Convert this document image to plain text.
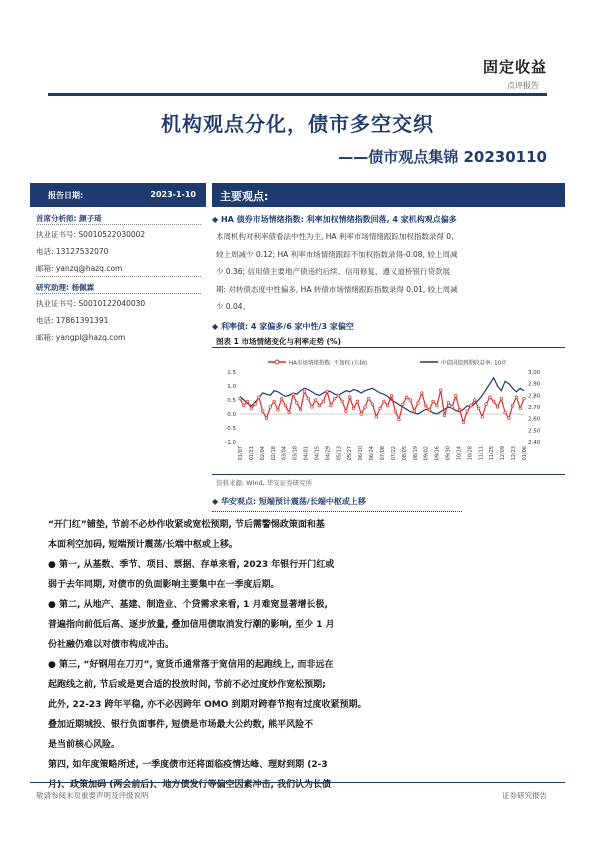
固定收益
点评报告
机构观点分化，债市多空交织
——债市观点集锦 20230110
报告日期:	2023-1-10
首席分析师: 颜子琦
执业证书号: S0010522030002
电话: 13127532070
邮箱: yanzq@hazq.com
研究助理: 杨佩霖
执业证书号: S0010122040030
电话: 17861391391
邮箱: yangpl@hazq.com
主要观点:
◆ HA 债券市场情绪指数: 利率加权情绪指数回落, 4 家机构观点偏多
本周机构对利率债看法中性为主, HA 利率市场情绪跟踪加权指数录得 0,
较上周减少 0.12; HA 利率市场情绪跟踪不加权指数录得-0.08, 较上周减
少 0.36; 信用债主要地产债违约后续、信用修复、遵义道桥银行贷款展
期: 对转债态度中性偏多, HA 转债市场情绪跟踪指数录得 0.01, 较上周减
少 0.04。
◆ 利率债: 4 家偏多/6 家中性/3 家偏空
图表 1 市场情绪变化与利率走势 (%)
HA市场情绪指数: 不加权 (左轴)	中债国债到期收益率: 10年
1.5
1.0
0.5
0.0
-0.5
-1.0
3.00
2.90
2.80
2.70
2.60
2.50
2.40
01/07 01/21 02/04 02/18 03/04 03/18 04/01 04/15 04/29 05/13 05/27 06/10 06/24 07/08 07/22 08/05 08/19 09/02 09/16 09/30 10/14 10/28 11/11 11/25 12/09 12/23 01/06
资料来源: Wind, 华安证券研究所
◆ 华安观点: 短端预计震荡/长端中枢或上移
“开门红”铺垫, 节前不必炒作收紧或宽松预期, 节后需警惕政策面和基
本面利空加码, 短端预计震荡/长端中枢或上移。
● 第一, 从基数、季节、项目、票据、存单来看, 2023 年银行开门红或
弱于去年同期, 对债市的负面影响主要集中在一季度后期。
● 第二, 从地产、基建、制造业、个贷需求来看, 1 月难宽显著增长极,
普遍指向前低后高、逐步放量, 叠加信用债取消发行潮的影响, 至少 1 月
份社融仍难以对债市构成冲击。
● 第三, “好钢用在刀刃”, 宽货币通常落于宽信用的起跑线上, 而非远在
起跑线之前, 节后或是更合适的投放时间, 节前不必过度炒作宽松预期;
此外, 22-23 跨年平稳, 亦不必因跨年 OMO 到期对跨春节抱有过度收紧预期。
叠加近期城投、银行负面事件, 短债是市场最大公约数, 熊平风险不
是当前核心风险。
第四, 如年度策略所述, 一季度债市还将面临疫情达峰、理财到期 (2-3
月)、政策加码 (两会前后)、地方债发行等偏空因素冲击, 我们认为长债
敬请参阅末页重要声明及评级说明	证券研究报告
